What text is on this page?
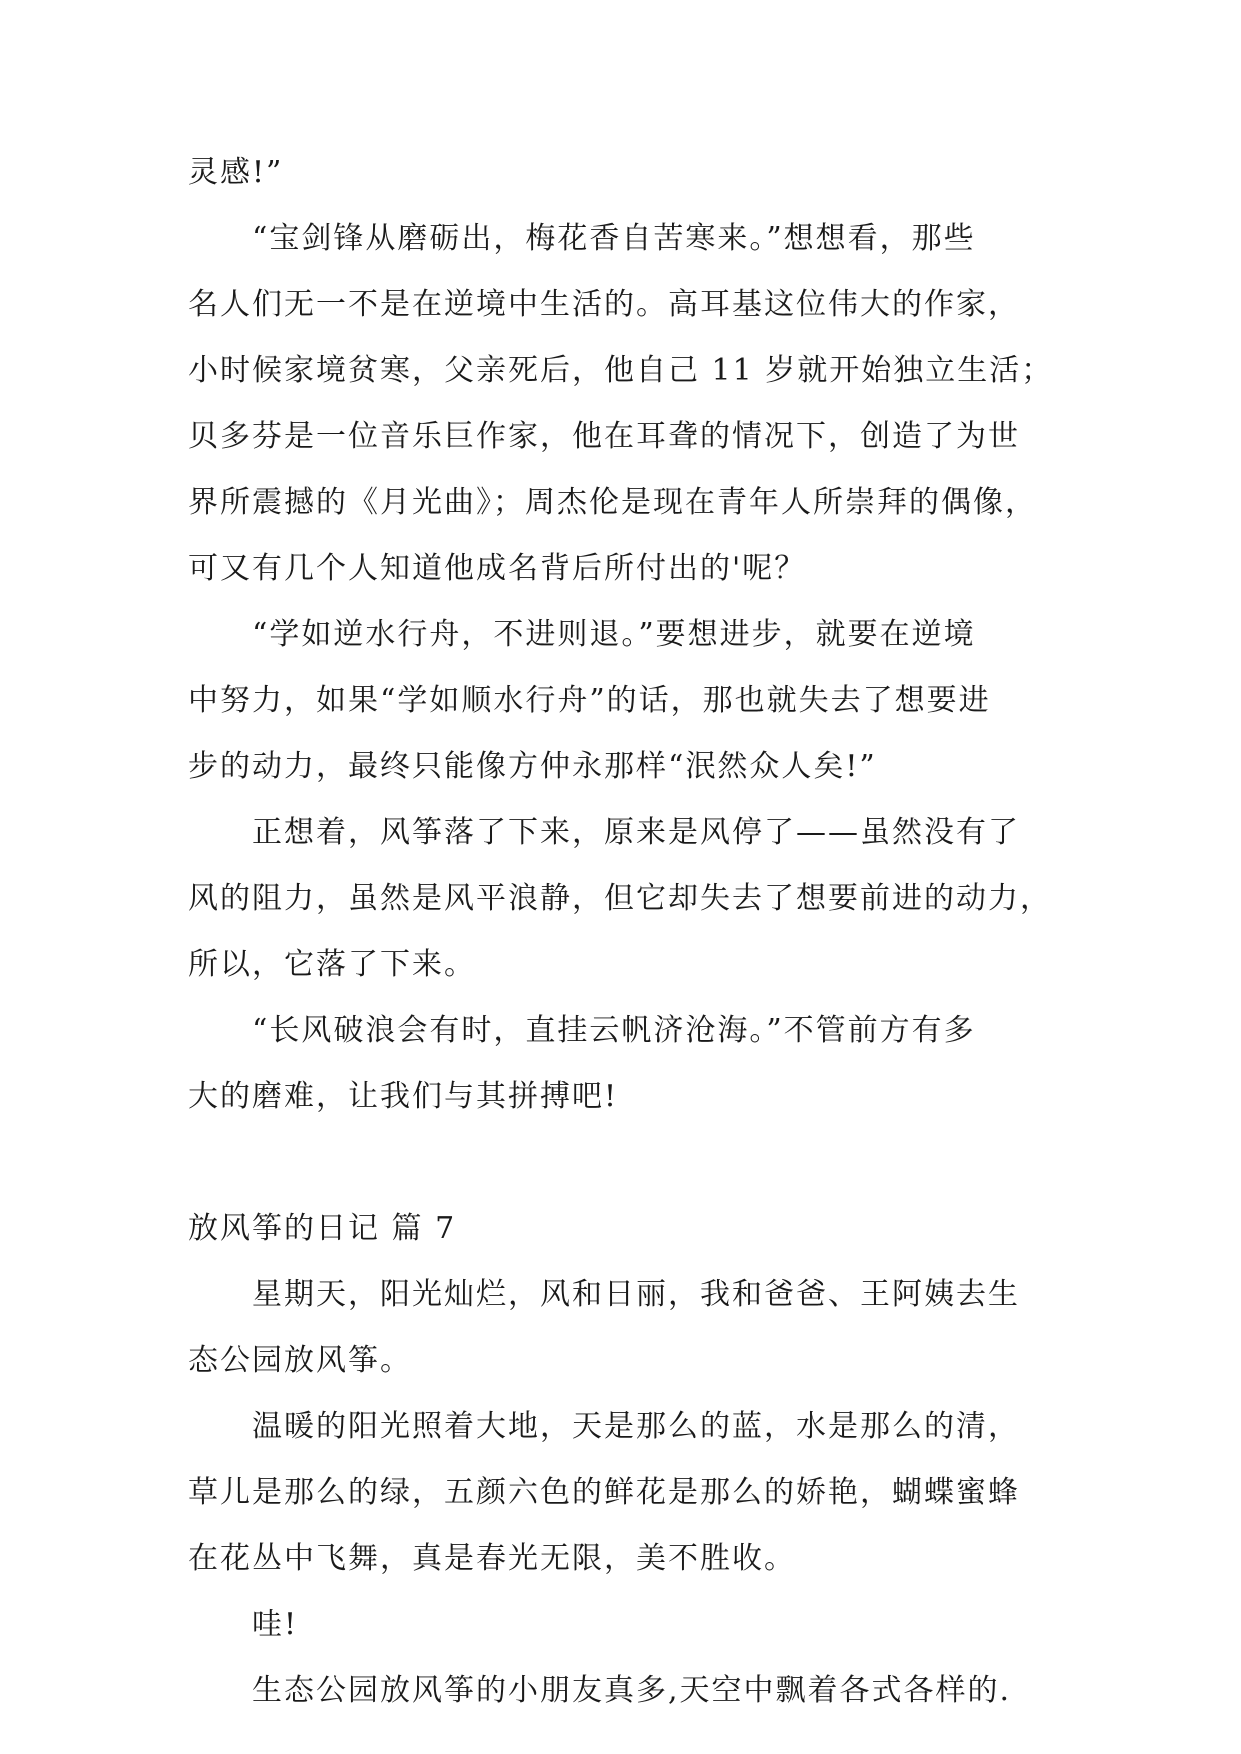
灵感!”
“宝剑锋从磨砺出，梅花香自苦寒来。”想想看，那些
名人们无一不是在逆境中生活的。高耳基这位伟大的作家，
小时候家境贫寒，父亲死后，他自己 11 岁就开始独立生活；
贝多芬是一位音乐巨作家，他在耳聋的情况下，创造了为世
界所震撼的《月光曲》；周杰伦是现在青年人所崇拜的偶像，
可又有几个人知道他成名背后所付出的'呢？
“学如逆水行舟，不进则退。”要想进步，就要在逆境
中努力，如果“学如顺水行舟”的话，那也就失去了想要进
步的动力，最终只能像方仲永那样“泯然众人矣!”
正想着，风筝落了下来，原来是风停了——虽然没有了
风的阻力，虽然是风平浪静，但它却失去了想要前进的动力，
所以，它落了下来。
“长风破浪会有时，直挂云帆济沧海。”不管前方有多
大的磨难，让我们与其拼搏吧!
放风筝的日记 篇 7
星期天，阳光灿烂，风和日丽，我和爸爸、王阿姨去生
态公园放风筝。
温暖的阳光照着大地，天是那么的蓝，水是那么的清，
草儿是那么的绿，五颜六色的鲜花是那么的娇艳，蝴蝶蜜蜂
在花丛中飞舞，真是春光无限，美不胜收。
哇!
生态公园放风筝的小朋友真多,天空中飘着各式各样的.
